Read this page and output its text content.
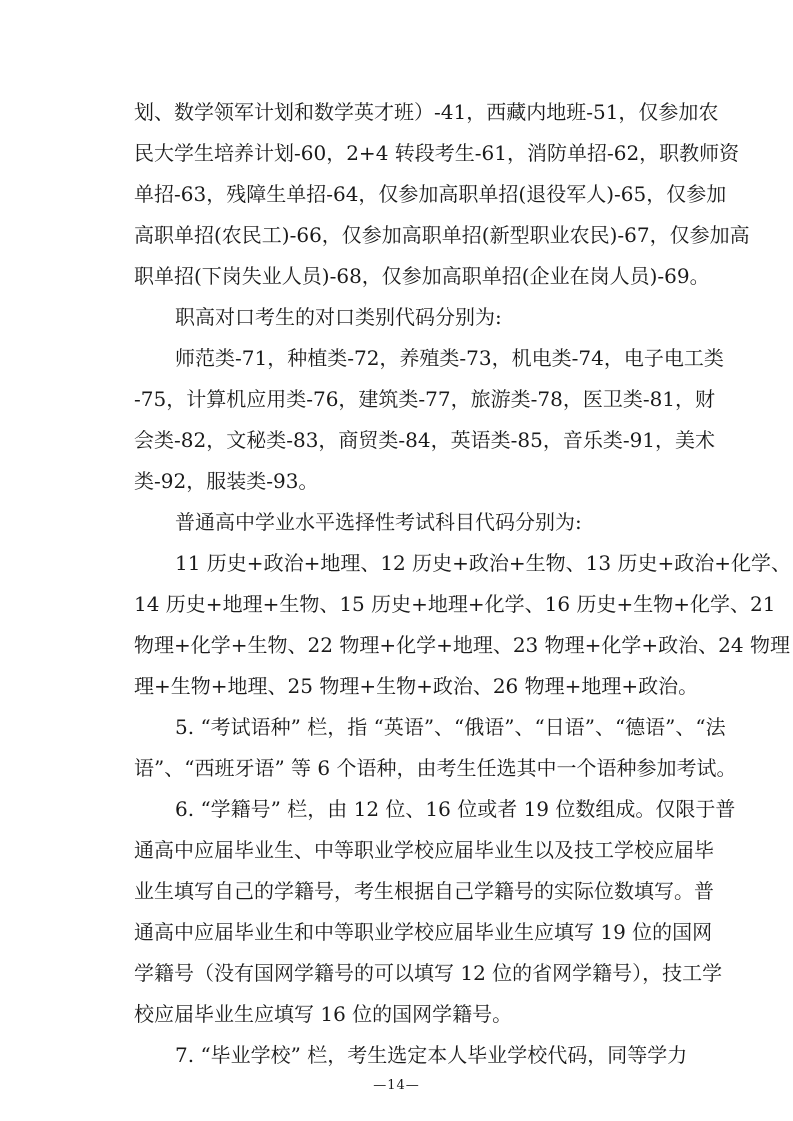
划、数学领军计划和数学英才班）-41，西藏内地班-51，仅参加农
民大学生培养计划-60，2+4 转段考生-61，消防单招-62，职教师资
单招-63，残障生单招-64，仅参加高职单招(退役军人)-65，仅参加
高职单招(农民工)-66，仅参加高职单招(新型职业农民)-67，仅参加高
职单招(下岗失业人员)-68，仅参加高职单招(企业在岗人员)-69。
职高对口考生的对口类别代码分别为:
师范类-71，种植类-72，养殖类-73，机电类-74，电子电工类
-75，计算机应用类-76，建筑类-77，旅游类-78，医卫类-81，财
会类-82，文秘类-83，商贸类-84，英语类-85，音乐类-91，美术
类-92，服装类-93。
普通高中学业水平选择性考试科目代码分别为:
11 历史+政治+地理、12 历史+政治+生物、13 历史+政治+化学、
14 历史+地理+生物、15 历史+地理+化学、16 历史+生物+化学、21
物理+化学+生物、22 物理+化学+地理、23 物理+化学+政治、24 物理
理+生物+地理、25 物理+生物+政治、26 物理+地理+政治。
5. “考试语种” 栏，指 “英语”、“俄语”、“日语”、“德语”、“法
语”、“西班牙语” 等 6 个语种，由考生任选其中一个语种参加考试。
6. “学籍号” 栏，由 12 位、16 位或者 19 位数组成。仅限于普
通高中应届毕业生、中等职业学校应届毕业生以及技工学校应届毕
业生填写自己的学籍号，考生根据自己学籍号的实际位数填写。普
通高中应届毕业生和中等职业学校应届毕业生应填写 19 位的国网
学籍号（没有国网学籍号的可以填写 12 位的省网学籍号），技工学
校应届毕业生应填写 16 位的国网学籍号。
7. “毕业学校” 栏，考生选定本人毕业学校代码，同等学力
—14—
